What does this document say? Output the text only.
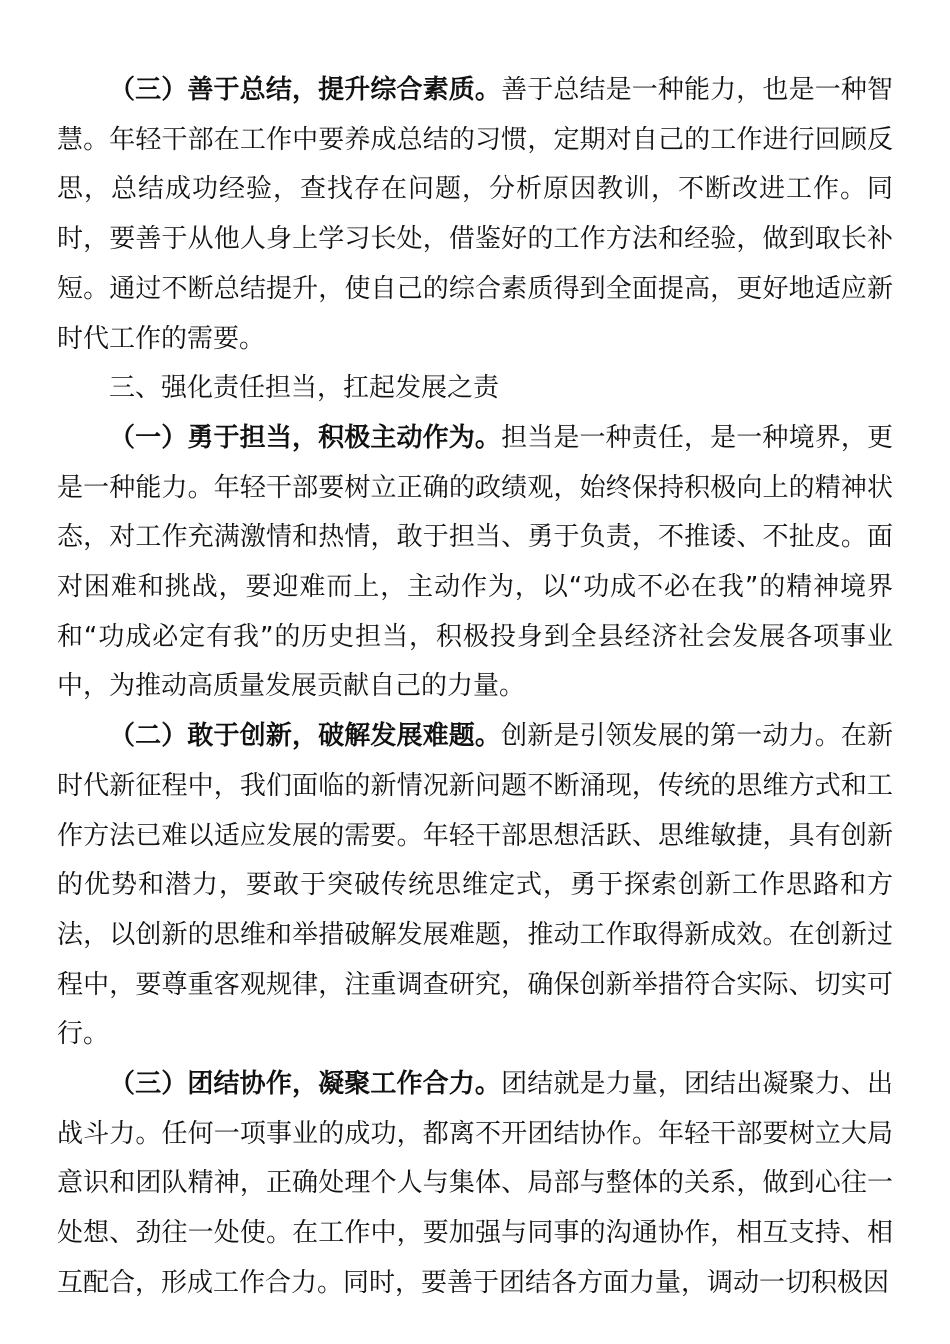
（三）善于总结，提升综合素质。善于总结是一种能力，也是一种智慧。年轻干部在工作中要养成总结的习惯，定期对自己的工作进行回顾反思，总结成功经验，查找存在问题，分析原因教训，不断改进工作。同时，要善于从他人身上学习长处，借鉴好的工作方法和经验，做到取长补短。通过不断总结提升，使自己的综合素质得到全面提高，更好地适应新时代工作的需要。

三、强化责任担当，扛起发展之责

（一）勇于担当，积极主动作为。担当是一种责任，是一种境界，更是一种能力。年轻干部要树立正确的政绩观，始终保持积极向上的精神状态，对工作充满激情和热情，敢于担当、勇于负责，不推诿、不扯皮。面对困难和挑战，要迎难而上，主动作为，以“功成不必在我”的精神境界和“功成必定有我”的历史担当，积极投身到全县经济社会发展各项事业中，为推动高质量发展贡献自己的力量。

（二）敢于创新，破解发展难题。创新是引领发展的第一动力。在新时代新征程中，我们面临的新情况新问题不断涌现，传统的思维方式和工作方法已难以适应发展的需要。年轻干部思想活跃、思维敏捷，具有创新的优势和潜力，要敢于突破传统思维定式，勇于探索创新工作思路和方法，以创新的思维和举措破解发展难题，推动工作取得新成效。在创新过程中，要尊重客观规律，注重调查研究，确保创新举措符合实际、切实可行。

（三）团结协作，凝聚工作合力。团结就是力量，团结出凝聚力、出战斗力。任何一项事业的成功，都离不开团结协作。年轻干部要树立大局意识和团队精神，正确处理个人与集体、局部与整体的关系，做到心往一处想、劲往一处使。在工作中，要加强与同事的沟通协作，相互支持、相互配合，形成工作合力。同时，要善于团结各方面力量，调动一切积极因
